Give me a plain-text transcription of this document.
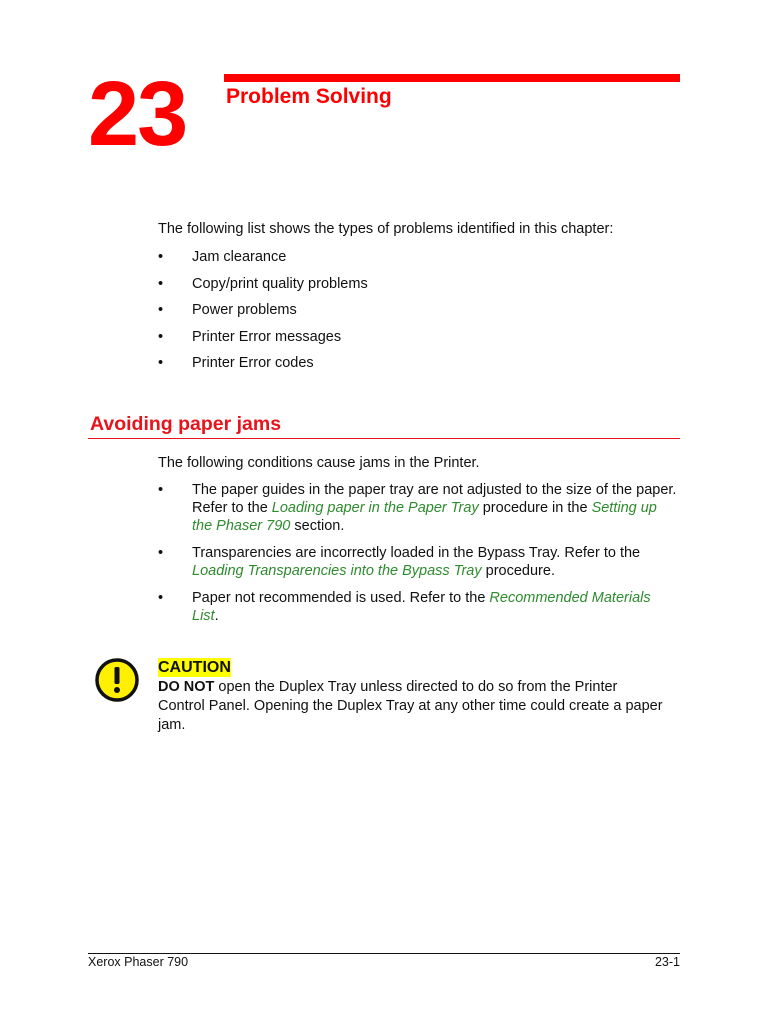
23 Problem Solving
The following list shows the types of problems identified in this chapter:
• Jam clearance
• Copy/print quality problems
• Power problems
• Printer Error messages
• Printer Error codes
Avoiding paper jams
The following conditions cause jams in the Printer.
• The paper guides in the paper tray are not adjusted to the size of the paper. Refer to the Loading paper in the Paper Tray procedure in the Setting up the Phaser 790 section.
• Transparencies are incorrectly loaded in the Bypass Tray. Refer to the Loading Transparencies into the Bypass Tray procedure.
• Paper not recommended is used. Refer to the Recommended Materials List.
CAUTION
DO NOT open the Duplex Tray unless directed to do so from the Printer Control Panel. Opening the Duplex Tray at any other time could create a paper jam.
Xerox Phaser 790	23-1
